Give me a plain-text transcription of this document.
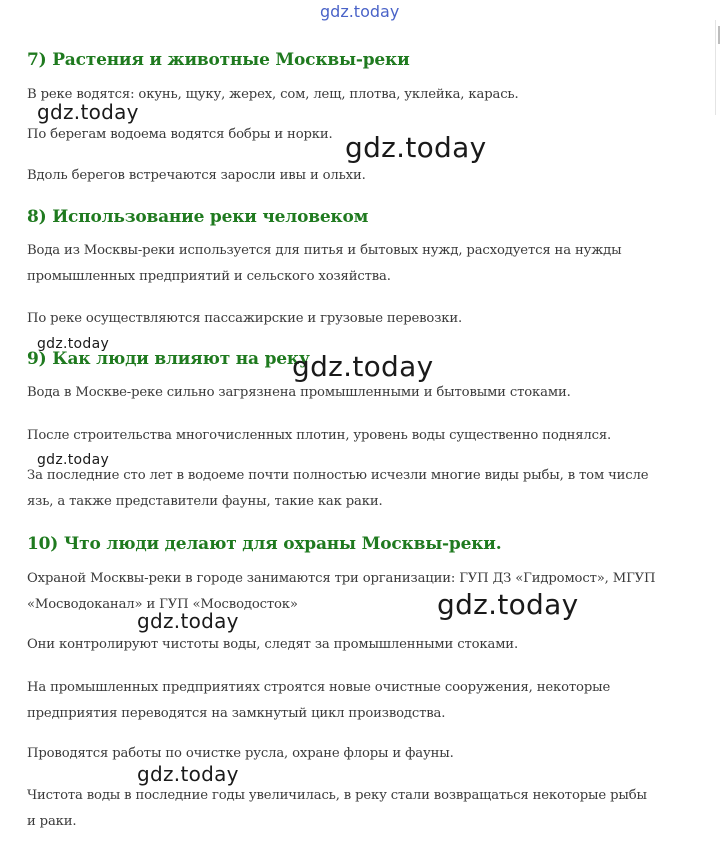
7) Растения и животные Москвы-реки

В реке водятся: окунь, щуку, жерех, сом, лещ, плотва, уклейка, карась.

По берегам водоема водятся бобры и норки.

Вдоль берегов встречаются заросли ивы и ольхи.

8) Использование реки человеком

Вода из Москвы-реки используется для питья и бытовых нужд, расходуется на нужды
промышленных предприятий и сельского хозяйства.

По реке осуществляются пассажирские и грузовые перевозки.

9) Как люди влияют на реку

Вода в Москве-реке сильно загрязнена промышленными и бытовыми стоками.

После строительства многочисленных плотин, уровень воды существенно поднялся.

За последние сто лет в водоеме почти полностью исчезли многие виды рыбы, в том числе
язь, а также представители фауны, такие как раки.

10) Что люди делают для охраны Москвы-реки.

Охраной Москвы-реки в городе занимаются три организации: ГУП ДЗ «Гидромост», МГУП
«Мосводоканал» и ГУП «Мосводосток»

Они контролируют чистоты воды, следят за промышленными стоками.

На промышленных предприятиях строятся новые очистные сооружения, некоторые
предприятия переводятся на замкнутый цикл производства.

Проводятся работы по очистке русла, охране флоры и фауны.

Чистота воды в последние годы увеличилась, в реку стали возвращаться некоторые рыбы
и раки.

gdz.today
gdz.today
gdz.today
gdz.today
gdz.today
gdz.today
gdz.today
gdz.today
gdz.today
